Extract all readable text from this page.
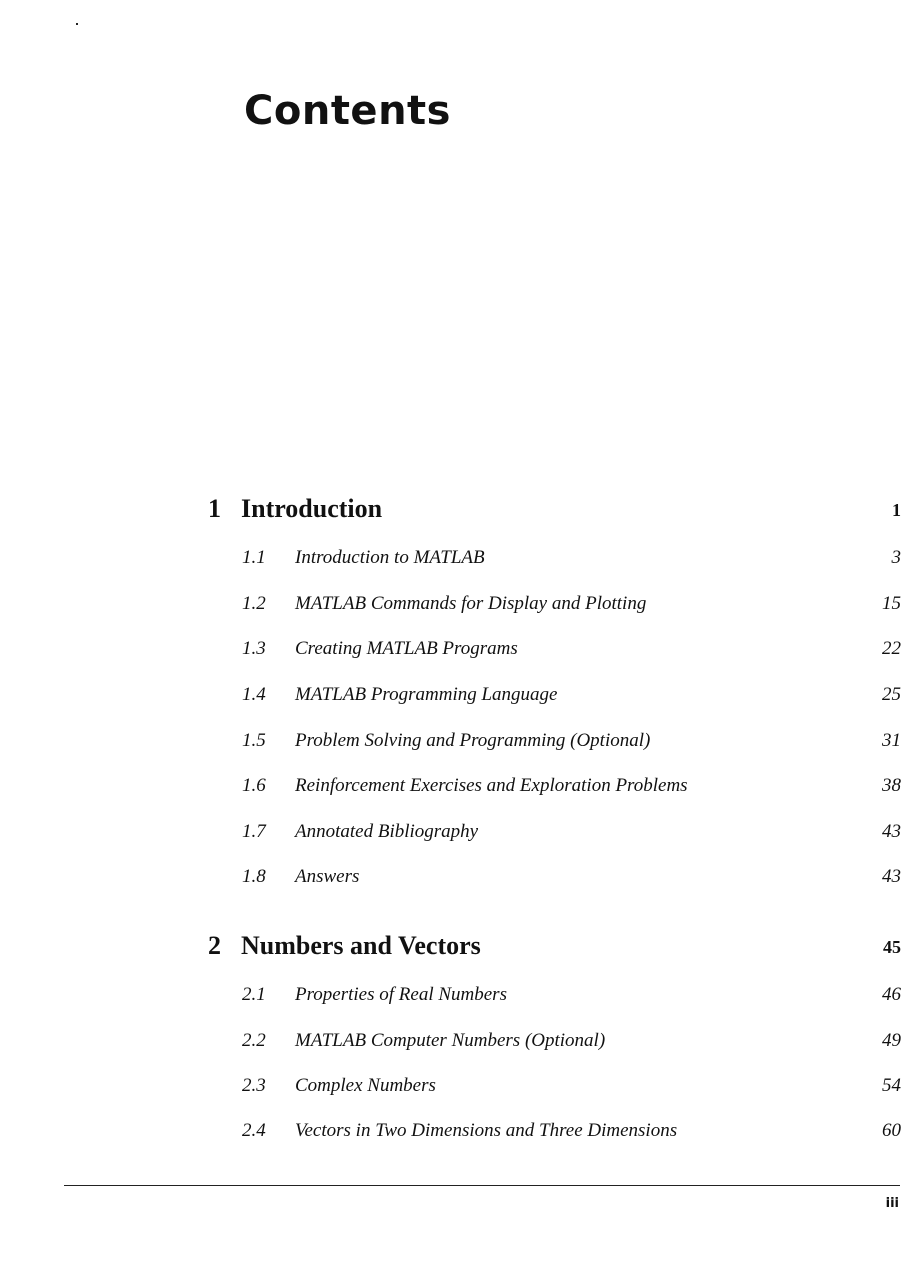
Contents
1 Introduction	1
1.1 Introduction to MATLAB	3
1.2 MATLAB Commands for Display and Plotting	15
1.3 Creating MATLAB Programs	22
1.4 MATLAB Programming Language	25
1.5 Problem Solving and Programming (Optional)	31
1.6 Reinforcement Exercises and Exploration Problems	38
1.7 Annotated Bibliography	43
1.8 Answers	43
2 Numbers and Vectors	45
2.1 Properties of Real Numbers	46
2.2 MATLAB Computer Numbers (Optional)	49
2.3 Complex Numbers	54
2.4 Vectors in Two Dimensions and Three Dimensions	60
iii
